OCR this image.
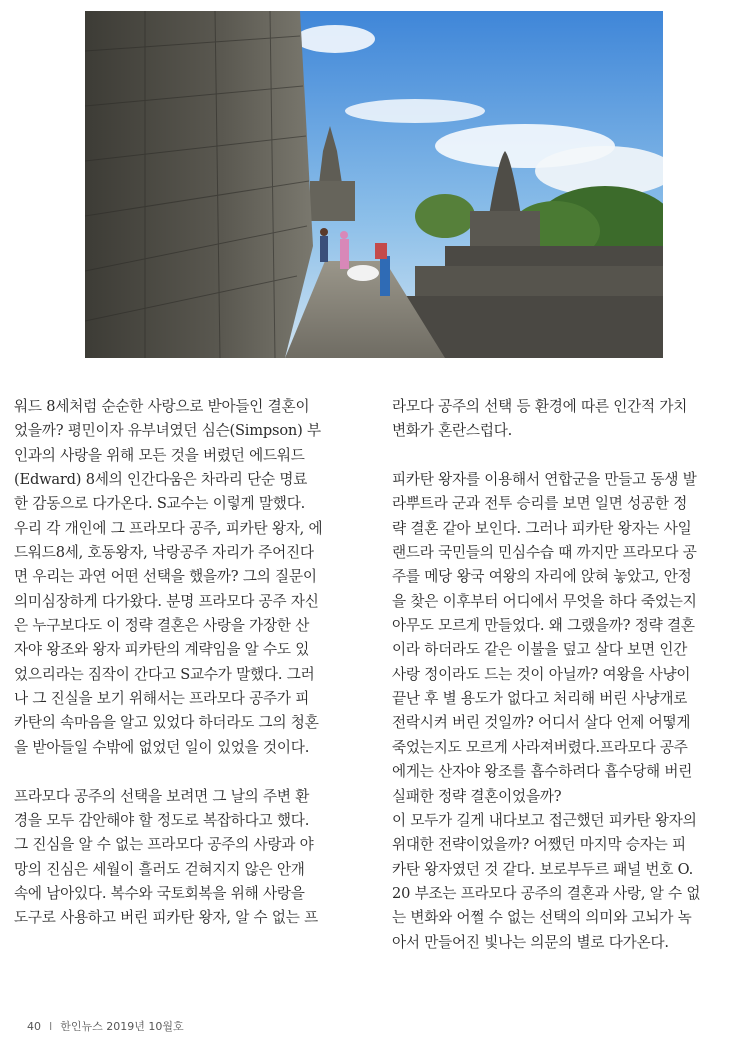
워드 8세처럼 순순한 사랑으로 받아들인 결혼이
었을까? 평민이자 유부녀였던 심슨(Simpson) 부
인과의 사랑을 위해 모든 것을 버렸던 에드워드
(Edward) 8세의 인간다움은 차라리 단순 명료
한 감동으로 다가온다. S교수는 이렇게 말했다.
우리 각 개인에 그 프라모다 공주, 피카탄 왕자, 에
드워드8세, 호동왕자, 낙랑공주 자리가 주어진다
면 우리는 과연 어떤 선택을 했을까? 그의 질문이
의미심장하게 다가왔다. 분명 프라모다 공주 자신
은 누구보다도 이 정략 결혼은 사랑을 가장한 산
자야 왕조와 왕자 피카탄의 계략임을 알 수도 있
었으리라는 짐작이 간다고 S교수가 말했다. 그러
나 그 진실을 보기 위해서는 프라모다 공주가 피
카탄의 속마음을 알고 있었다 하더라도 그의 청혼
을 받아들일 수밖에 없었던 일이 있었을 것이다.
프라모다 공주의 선택을 보려면 그 날의 주변 환
경을 모두 감안해야 할 정도로 복잡하다고 했다.
그 진심을 알 수 없는 프라모다 공주의 사랑과 야
망의 진심은 세월이 흘러도 걷혀지지 않은 안개
속에 남아있다. 복수와 국토회복을 위해 사랑을
도구로 사용하고 버린 피카탄 왕자, 알 수 없는 프
라모다 공주의 선택 등 환경에 따른 인간적 가치
변화가 혼란스럽다.
피카탄 왕자를 이용해서 연합군을 만들고 동생 발
라뿌트라 군과 전투 승리를 보면 일면 성공한 정
략 결혼 같아 보인다. 그러나 피카탄 왕자는 사일
랜드라 국민들의 민심수습 때 까지만 프라모다 공
주를 메당 왕국 여왕의 자리에 앉혀 놓았고, 안정
을 찾은 이후부터 어디에서 무엇을 하다 죽었는지
아무도 모르게 만들었다. 왜 그랬을까? 정략 결혼
이라 하더라도 같은 이불을 덮고 살다 보면 인간
사랑 정이라도 드는 것이 아닐까? 여왕을 사냥이
끝난 후 별 용도가 없다고 처리해 버린 사냥개로
전락시켜 버린 것일까? 어디서 살다 언제 어떻게
죽었는지도 모르게 사라져버렸다.프라모다 공주
에게는 산자야 왕조를 흡수하려다 흡수당해 버린
실패한 정략 결혼이었을까?
이 모두가 길게 내다보고 접근했던 피카탄 왕자의
위대한 전략이었을까? 어쨌던 마지막 승자는 피
카탄 왕자였던 것 같다. 보로부두르 패널 번호 O.
20 부조는 프라모다 공주의 결혼과 사랑, 알 수 없
는 변화와 어쩔 수 없는 선택의 의미와 고뇌가 녹
아서 만들어진 빛나는 의문의 별로 다가온다.
40 I 한인뉴스 2019년 10월호
